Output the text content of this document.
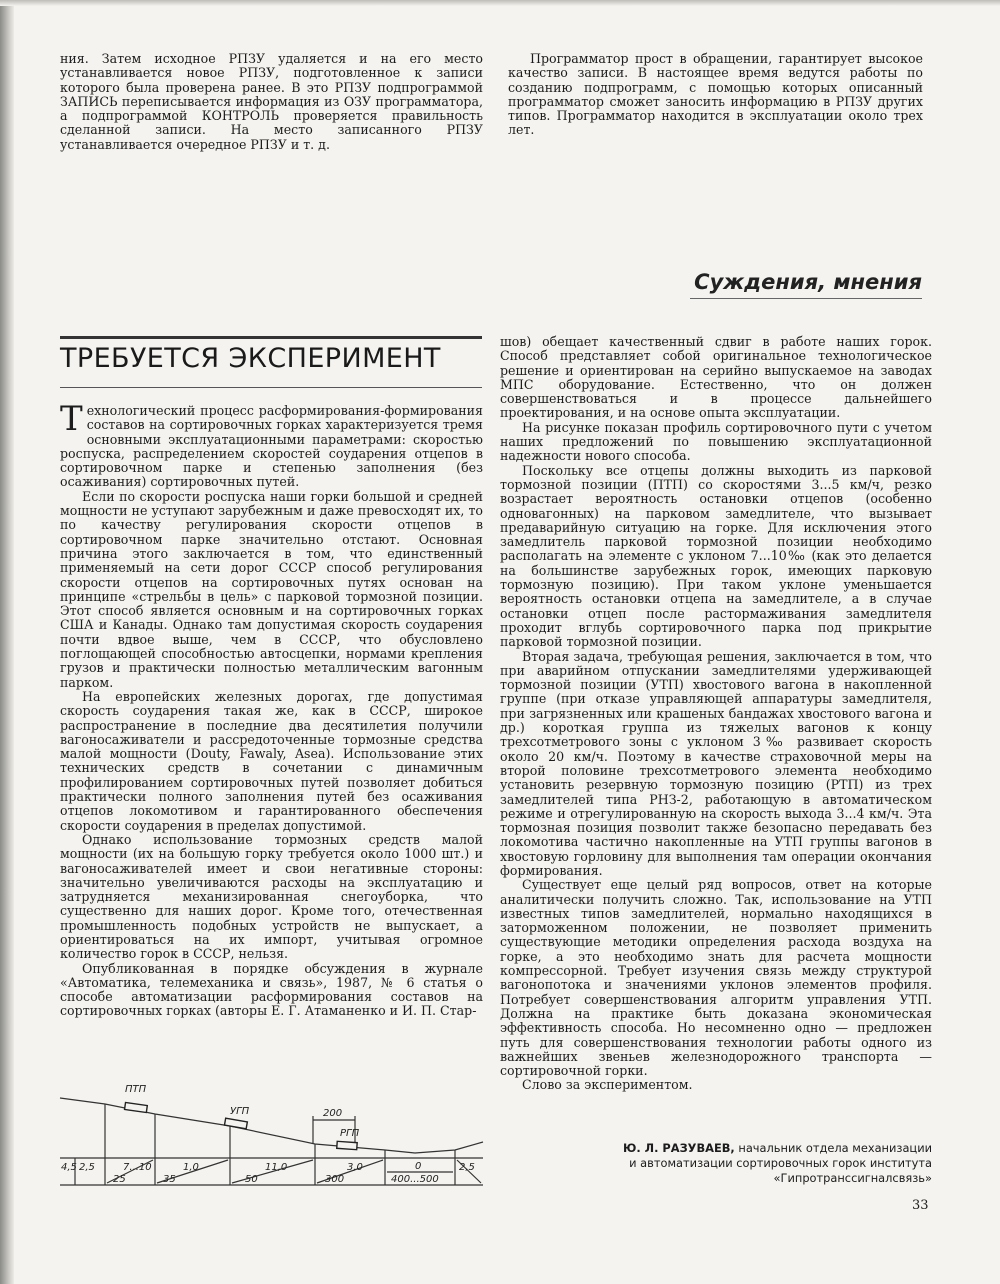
ния. Затем исходное РПЗУ удаляется и на его место устанавливается новое РПЗУ, подготовленное к записи которого была проверена ранее. В это РПЗУ подпрограммой ЗАПИСЬ переписывается информация из ОЗУ программатора, а подпрограммой КОНТРОЛЬ проверяется правильность сделанной записи. На место записанного РПЗУ устанавливается очередное РПЗУ и т. д.

Программатор прост в обращении, гарантирует высокое качество записи. В настоящее время ведутся работы по созданию подпрограмм, с помощью которых описанный программатор сможет заносить информацию в РПЗУ других типов. Программатор находится в эксплуатации около трех лет.

Суждения, мнения
ТРЕБУЕТСЯ ЭКСПЕРИМЕНТ

Технологический процесс расформирования-формирования составов на сортировочных горках характеризуется тремя основными эксплуатационными параметрами: скоростью роспуска, распределением скоростей соударения отцепов в сортировочном парке и степенью заполнения (без осаживания) сортировочных путей.

Если по скорости роспуска наши горки большой и средней мощности не уступают зарубежным и даже превосходят их, то по качеству регулирования скорости отцепов в сортировочном парке значительно отстают. Основная причина этого заключается в том, что единственный применяемый на сети дорог СССР способ регулирования скорости отцепов на сортировочных путях основан на принципе «стрельбы в цель» с парковой тормозной позиции. Этот способ является основным и на сортировочных горках США и Канады. Однако там допустимая скорость соударения почти вдвое выше, чем в СССР, что обусловлено поглощающей способностью автосцепки, нормами крепления грузов и практически полностью металлическим вагонным парком.

На европейских железных дорогах, где допустимая скорость соударения такая же, как в СССР, широкое распространение в последние два десятилетия получили вагоносаживатели и рассредоточенные тормозные средства малой мощности (Douty, Fawaly, Asea). Использование этих технических средств в сочетании с динамичным профилированием сортировочных путей позволяет добиться практически полного заполнения путей без осаживания отцепов локомотивом и гарантированного обеспечения скорости соударения в пределах допустимой.

Однако использование тормозных средств малой мощности (их на большую горку требуется около 1000 шт.) и вагоносаживателей имеет и свои негативные стороны: значительно увеличиваются расходы на эксплуатацию и затрудняется механизированная снегоуборка, что существенно для наших дорог. Кроме того, отечественная промышленность подобных устройств не выпускает, а ориентироваться на их импорт, учитывая огромное количество горок в СССР, нельзя.

Опубликованная в порядке обсуждения в журнале «Автоматика, телемеханика и связь», 1987, № 6 статья о способе автоматизации расформирования составов на сортировочных горках (авторы Е. Г. Атаманенко и И. П. Стар-

шов) обещает качественный сдвиг в работе наших горок. Способ представляет собой оригинальное технологическое решение и ориентирован на серийно выпускаемое на заводах МПС оборудование. Естественно, что он должен совершенствоваться и в процессе дальнейшего проектирования, и на основе опыта эксплуатации.

На рисунке показан профиль сортировочного пути с учетом наших предложений по повышению эксплуатационной надежности нового способа.

Поскольку все отцепы должны выходить из парковой тормозной позиции (ПТП) со скоростями 3...5 км/ч, резко возрастает вероятность остановки отцепов (особенно одновагонных) на парковом замедлителе, что вызывает предаварийную ситуацию на горке. Для исключения этого замедлитель парковой тормозной позиции необходимо располагать на элементе с уклоном 7...10‰ (как это делается на большинстве зарубежных горок, имеющих парковую тормозную позицию). При таком уклоне уменьшается вероятность остановки отцепа на замедлителе, а в случае остановки отцеп после растормаживания замедлителя проходит вглубь сортировочного парка под прикрытие парковой тормозной позиции.

Вторая задача, требующая решения, заключается в том, что при аварийном отпускании замедлителями удерживающей тормозной позиции (УТП) хвостового вагона в накопленной группе (при отказе управляющей аппаратуры замедлителя, при загрязненных или крашеных бандажах хвостового вагона и др.) короткая группа из тяжелых вагонов к концу трехсотметрового зоны с уклоном 3‰ развивает скорость около 20 км/ч. Поэтому в качестве страховочной меры на второй половине трехсотметрового элемента необходимо установить резервную тормозную позицию (РТП) из трех замедлителей типа РНЗ-2, работающую в автоматическом режиме и отрегулированную на скорость выхода 3...4 км/ч. Эта тормозная позиция позволит также безопасно передавать без локомотива частично накопленные на УТП группы вагонов в хвостовую горловину для выполнения там операции окончания формирования.

Существует еще целый ряд вопросов, ответ на которые аналитически получить сложно. Так, использование на УТП известных типов замедлителей, нормально находящихся в заторможенном положении, не позволяет применить существующие методики определения расхода воздуха на горке, а это необходимо знать для расчета мощности компрессорной. Требует изучения связь между структурой вагонопотока и значениями уклонов элементов профиля. Потребует совершенствования алгоритм управления УТП. Должна на практике быть доказана экономическая эффективность способа. Но несомненно одно — предложен путь для совершенствования технологии работы одного из важнейших звеньев железнодорожного транспорта — сортировочной горки.

Слово за экспериментом.

Ю. Л. РАЗУВАЕВ, начальник отдела механизации
и автоматизации сортировочных горок института
«Гипротранссигналсвязь»
33
ПТП
УГП	200
РГП
4,5 2,5	7...10
25
1,0
35
11,0
50
3,0
300
0
400...500
2,5
